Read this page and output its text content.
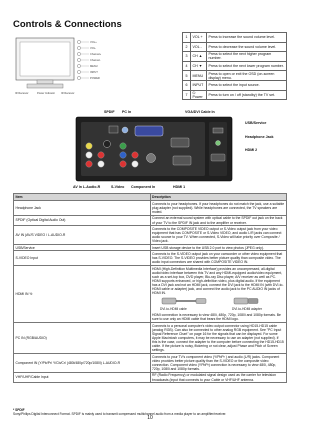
Controls & Connections
VOL+
VOL-
Channel+
Channel-
MENU
INPUT
POWER
IR Receiver	Power Indicator IR Receiver
1	VOL +	Press to increase the sound volume level.
2	VOL -	Press to decrease the sound volume level.
3	CH ▲	Press to select the next higher program number.
4	CH ▼	Press to select the next lower program number.
5	MENU	Press to open or exit the OSD (on-screen display) menu.
6	INPUT	Press to select the input source.
7	⏻ Power	Press to turn on / off (standby) the TV set.
SPDIF PC In	VGA/DVI Cable In
USB/Service
Headphone Jack
HDMI 2
AV In L-Audio-R	S-Video Component In	HDMI 1
Item	Description
Headphone Jack	Connects to your headphones. If your headphones do not match the jack, use a suitable plug adapter (not supplied). While headphones are connected, the TV speakers are muted.
SPDIF (Optical Digital Audio Out)	Connect an external sound system with optical cable to the SPDIF out jack on the back of your TV to the SPDIF IN jack and to the amplifier or receiver.
AV IN (AV/S VIDEO / L-AUDIO-R	Connects to the COMPOSITE VIDEO output or S-Video output jack from your video equipment that has COMPOSITE or S-Video VIDEO, and audio L/R jacks can connect audio source to your TV. When connected, S-Video will take priority over Composite / Video jack.
USB/Service	Insert USB storage device to the USB 2.0 port to view photos (JPEG only).
S-VIDEO Input	Connects to the S-VIDEO output jack on your camcorder or other video equipment that has S-VIDEO. The S-VIDEO provides better picture quality than composite video. The audio input connectors are shared with COMPOSITE VIDEO IN.
HDMI IN ½	HDMI (High-Definition Multimedia Interface) provides an uncompressed, all-digital audio/video interface between this TV and any HDMI-equipped audio/video equipment, such as a set-top box, DVD player, Blu-ray Disc player, A/V receiver as well as PC. HDMI supports enhanced, or high-definition video, plus digital audio. If the equipment has a DVI jack and not an HDMI jack, connect the DVI jack to the HDMI IN (with DVI-to-HDMI cable or adapter) jack, and connect the audio jack to the PC AUDIO IN jacks of HDMI IN.
DVI-to-HDMI cable DVI-to-HDMI adapter
HDMI connection is necessary to view 480i, 480p, 720p, 1080i and 1080p formats. Be sure to use only an HDMI cable that bears the HDMI logo.

PC IN (RGB/AUDIO)	Connects to a personal computer's video output connector using HD15-HD15 cable (analog RGB). Can also be connected to other analog RGB equipment. See "PC Input Signal Reference Chart" on page 16 for the signals that can be displayed. For some Apple Macintosh computers, it may be necessary to use an adapter (not supplied). If this is the case, connect the adapter to the computer before connecting the HD15-HD15 cable. If the picture is noisy, flickering or not clear, adjust Phase and Pitch of Screen settings.
Component IN (Y/Pb/Pr/ Y/Cb/Cr/ (480i/480p/720p/1080i) L-AUDIO-R	Connects to your TV's component video (Y/PbPr ) and audio (L/R) jacks. Component video provides better picture quality than the S-VIDEO or the composite video connection. Component video (YPbPr) connection is necessary to view 480i, 480p, 720p, 1080i and 1080p formats.
VHF/UHF/Cable Input	RF (Radio Frequency) or modulated signal design used as the carrier for television broadcasts (input that connects to your Cable or VHF/UHF antenna.
* SPDIF
Sony/Philips Digital Interconnect Format. SPDIF is mainly used to transmit compressed multichannel audio from a media player to an amplifier/receiver.
10
